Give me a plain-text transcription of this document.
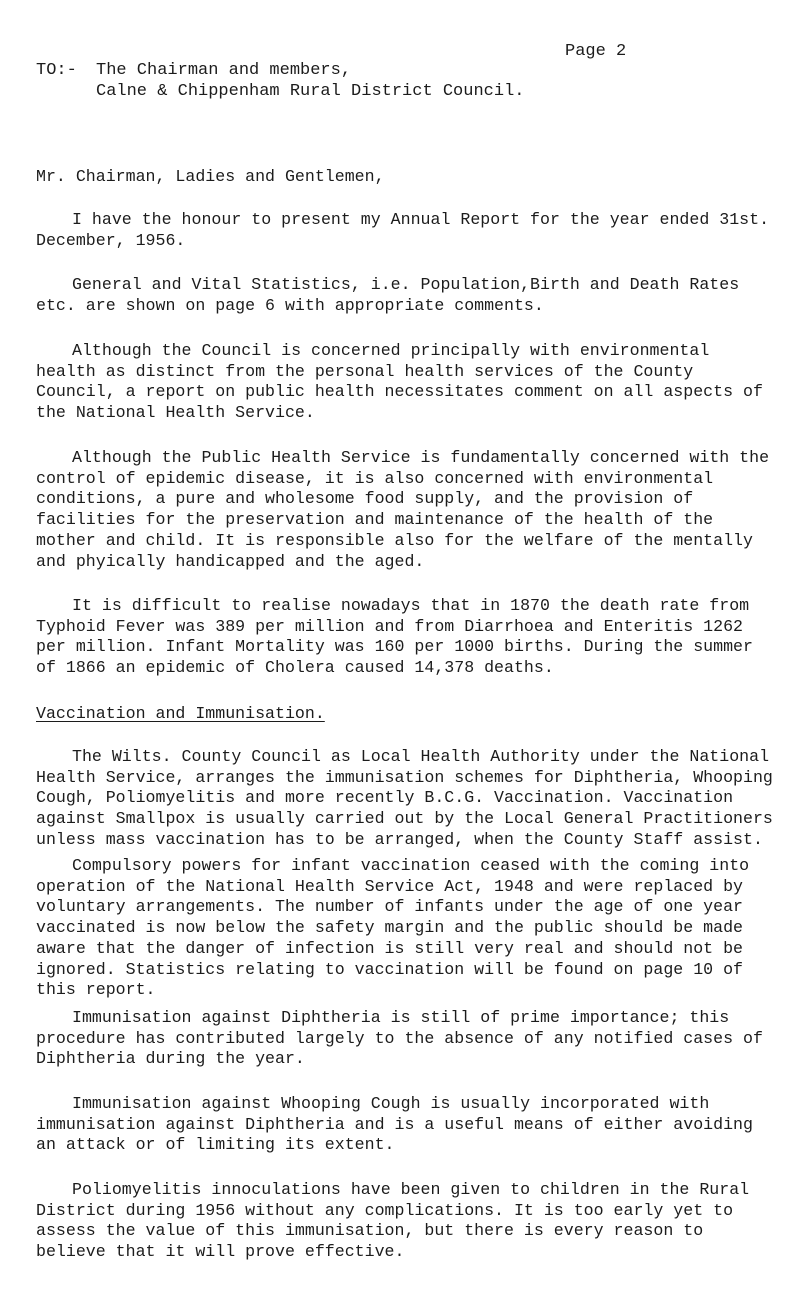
Page 2
TO:- The Chairman and members,
Calne & Chippenham Rural District Council.
Mr. Chairman, Ladies and Gentlemen,
I have the honour to present my Annual Report for the year ended 31st. December, 1956.
General and Vital Statistics, i.e. Population,Birth and Death Rates etc. are shown on page 6 with appropriate comments.
Although the Council is concerned principally with environmental health as distinct from the personal health services of the County Council, a report on public health necessitates comment on all aspects of the National Health Service.
Although the Public Health Service is fundamentally concerned with the control of epidemic disease, it is also concerned with environmental conditions, a pure and wholesome food supply, and the provision of facilities for the preservation and maintenance of the health of the mother and child. It is responsible also for the welfare of the mentally and phyically handicapped and the aged.
It is difficult to realise nowadays that in 1870 the death rate from Typhoid Fever was 389 per million and from Diarrhoea and Enteritis 1262 per million. Infant Mortality was 160 per 1000 births. During the summer of 1866 an epidemic of Cholera caused 14,378 deaths.
Vaccination and Immunisation.
The Wilts. County Council as Local Health Authority under the National Health Service, arranges the immunisation schemes for Diphtheria, Whooping Cough, Poliomyelitis and more recently B.C.G. Vaccination. Vaccination against Smallpox is usually carried out by the Local General Practitioners unless mass vaccination has to be arranged, when the County Staff assist.
Compulsory powers for infant vaccination ceased with the coming into operation of the National Health Service Act, 1948 and were replaced by voluntary arrangements. The number of infants under the age of one year vaccinated is now below the safety margin and the public should be made aware that the danger of infection is still very real and should not be ignored. Statistics relating to vaccination will be found on page 10 of this report.
Immunisation against Diphtheria is still of prime importance; this procedure has contributed largely to the absence of any notified cases of Diphtheria during the year.
Immunisation against Whooping Cough is usually incorporated with immunisation against Diphtheria and is a useful means of either avoiding an attack or of limiting its extent.
Poliomyelitis innoculations have been given to children in the Rural District during 1956 without any complications. It is too early yet to assess the value of this immunisation, but there is every reason to believe that it will prove effective.
